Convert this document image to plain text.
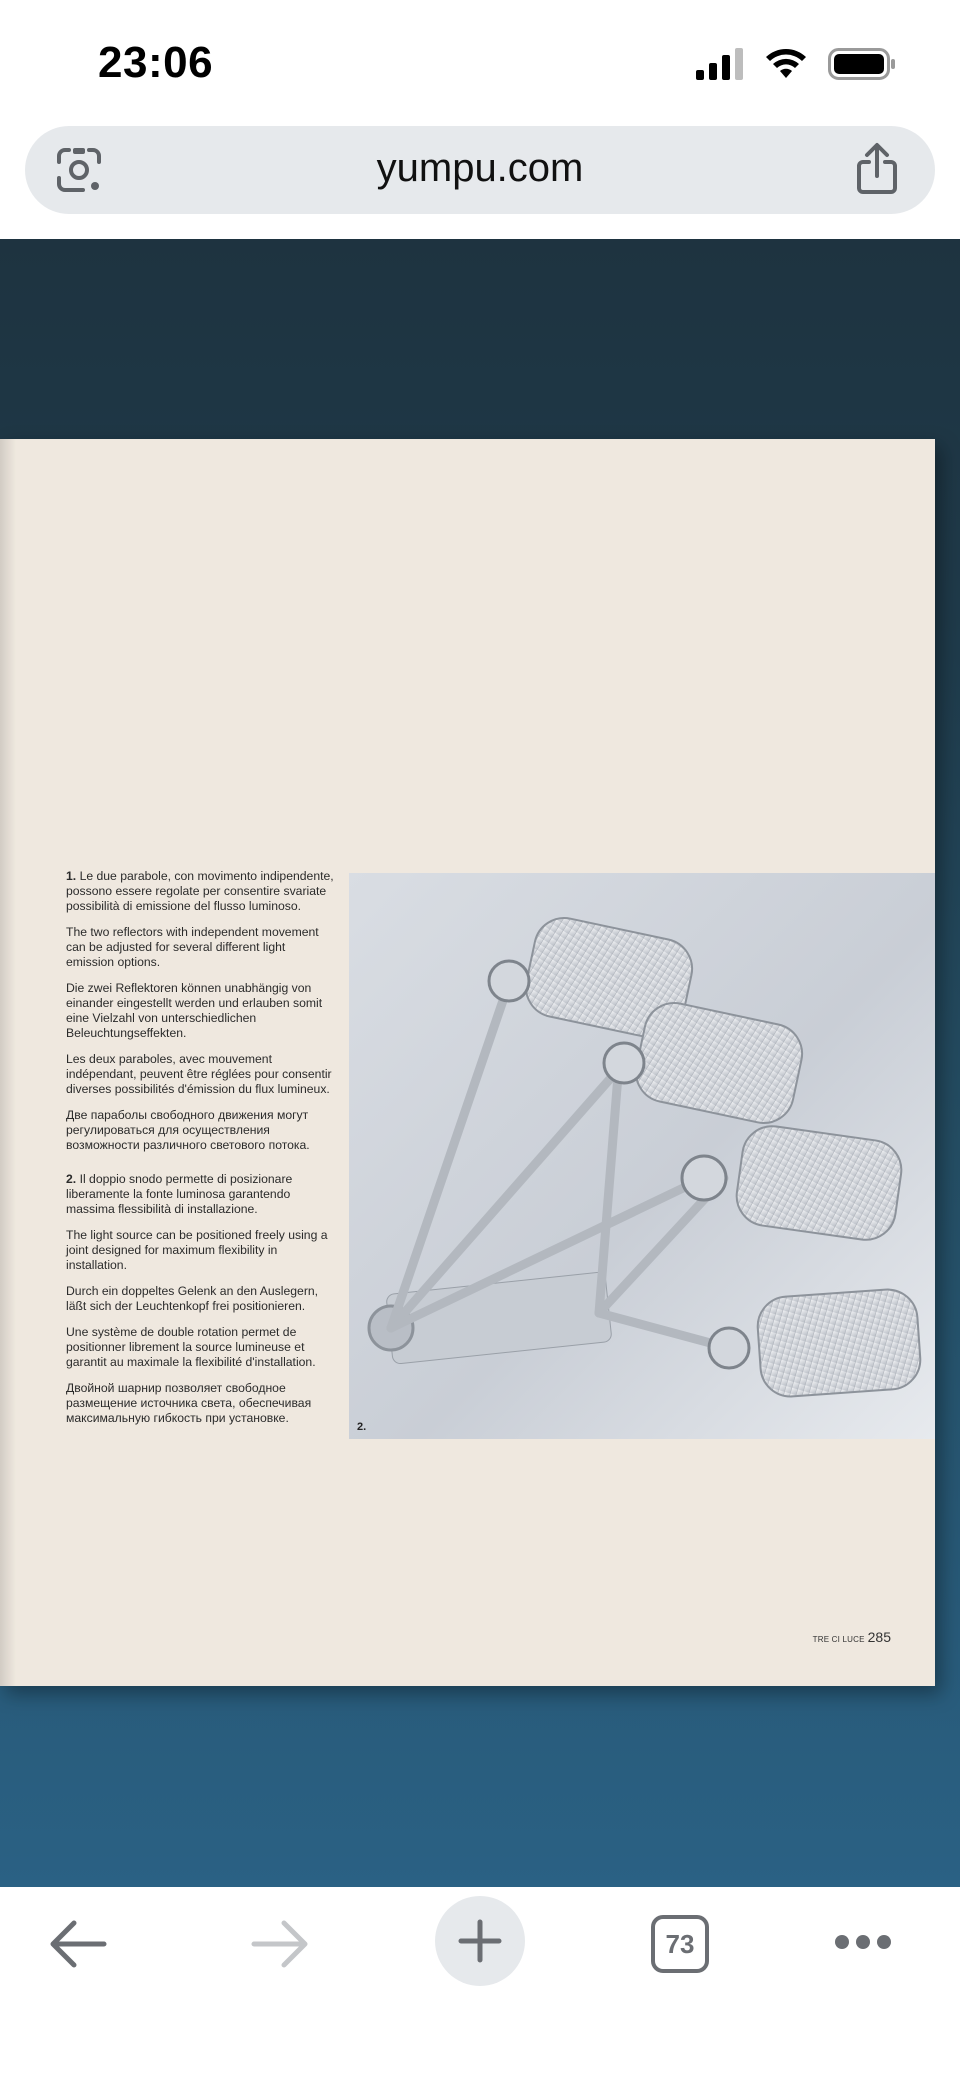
23:06
yumpu.com

1. Le due parabole, con movimento indipendente, possono essere regolate per consentire svariate possibilità di emissione del flusso luminoso.

The two reflectors with independent movement can be adjusted for several different light emission options.

Die zwei Reflektoren können unabhängig von einander eingestellt werden und erlauben somit eine Vielzahl von unterschiedlichen Beleuchtungseffekten.

Les deux paraboles, avec mouvement indépendant, peuvent être réglées pour consentir diverses possibilités d'émission du flux lumineux.

Две параболы свободного движения могут регулироваться для осуществления возможности различного светового потока.

2. Il doppio snodo permette di posizionare liberamente la fonte luminosa garantendo massima flessibilità di installazione.

The light source can be positioned freely using a joint designed for maximum flexibility in installation.

Durch ein doppeltes Gelenk an den Auslegern, läßt sich der Leuchtenkopf frei positionieren.

Une système de double rotation permet de positionner librement la source lumineuse et garantit au maximale la flexibilité d'installation.

Двойной шарнир позволяет свободное размещение источника света, обеспечивая максимальную гибкость при установке.

2.
TRE CI LUCE 285
73
